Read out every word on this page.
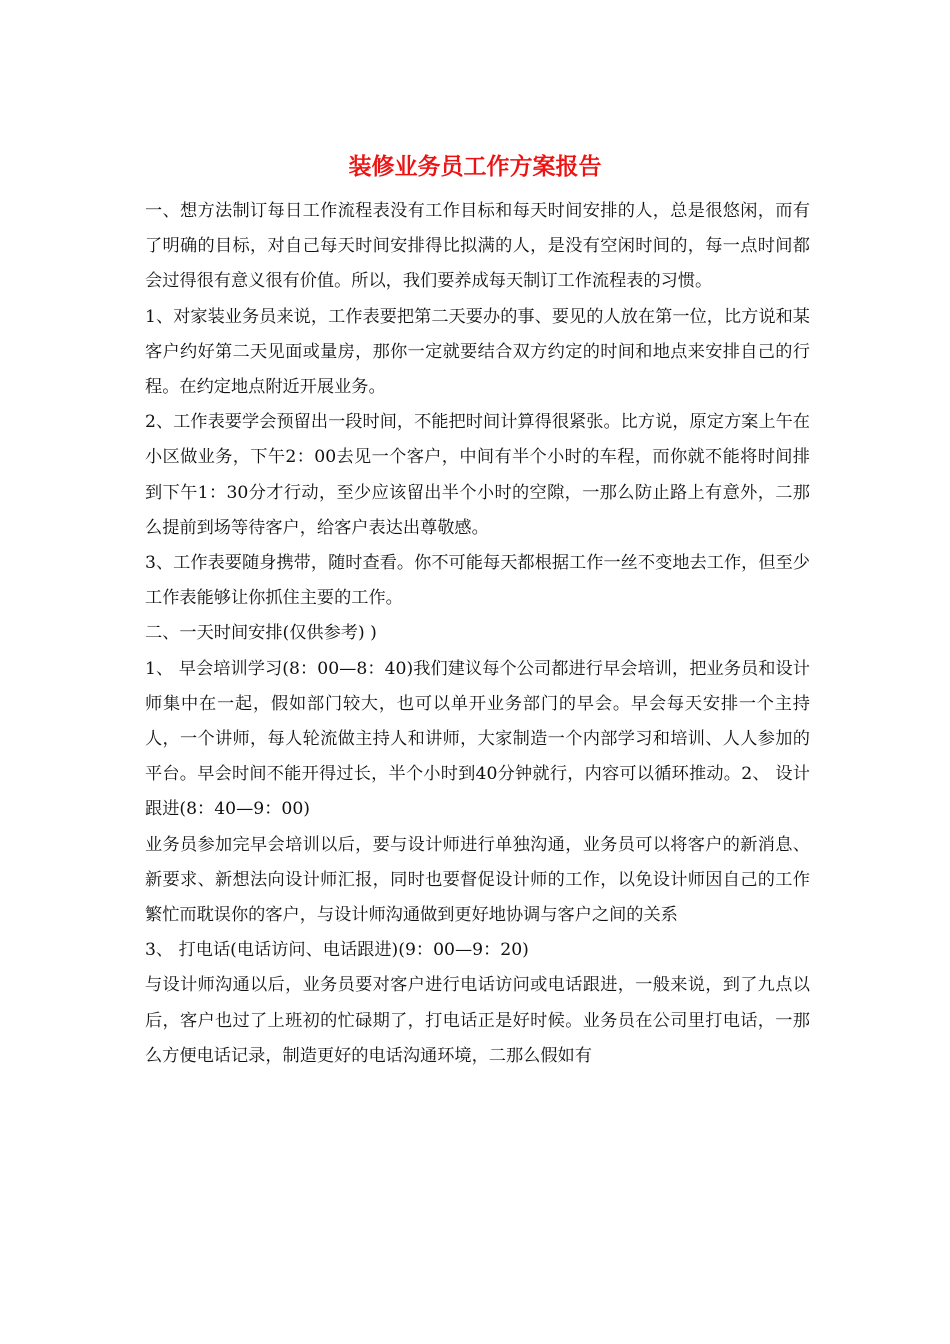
装修业务员工作方案报告

一、想方法制订每日工作流程表没有工作目标和每天时间安排的人，总是很悠闲，而有了明确的目标，对自己每天时间安排得比拟满的人，是没有空闲时间的，每一点时间都会过得很有意义很有价值。所以，我们要养成每天制订工作流程表的习惯。

1、对家装业务员来说，工作表要把第二天要办的事、要见的人放在第一位，比方说和某客户约好第二天见面或量房，那你一定就要结合双方约定的时间和地点来安排自己的行程。在约定地点附近开展业务。

2、工作表要学会预留出一段时间，不能把时间计算得很紧张。比方说，原定方案上午在小区做业务，下午2：00去见一个客户，中间有半个小时的车程，而你就不能将时间排到下午1：30分才行动，至少应该留出半个小时的空隙，一那么防止路上有意外，二那么提前到场等待客户，给客户表达出尊敬感。

3、工作表要随身携带，随时查看。你不可能每天都根据工作一丝不变地去工作，但至少工作表能够让你抓住主要的工作。

二、一天时间安排(仅供参考) )

1、 早会培训学习(8：00—8：40)我们建议每个公司都进行早会培训，把业务员和设计师集中在一起，假如部门较大，也可以单开业务部门的早会。早会每天安排一个主持人，一个讲师，每人轮流做主持人和讲师，大家制造一个内部学习和培训、人人参加的平台。早会时间不能开得过长，半个小时到40分钟就行，内容可以循环推动。2、 设计跟进(8：40—9：00)

业务员参加完早会培训以后，要与设计师进行单独沟通，业务员可以将客户的新消息、新要求、新想法向设计师汇报，同时也要督促设计师的工作，以免设计师因自己的工作繁忙而耽误你的客户，与设计师沟通做到更好地协调与客户之间的关系

3、 打电话(电话访问、电话跟进)(9：00—9：20)

与设计师沟通以后，业务员要对客户进行电话访问或电话跟进，一般来说，到了九点以后，客户也过了上班初的忙碌期了，打电话正是好时候。业务员在公司里打电话，一那么方便电话记录，制造更好的电话沟通环境，二那么假如有
